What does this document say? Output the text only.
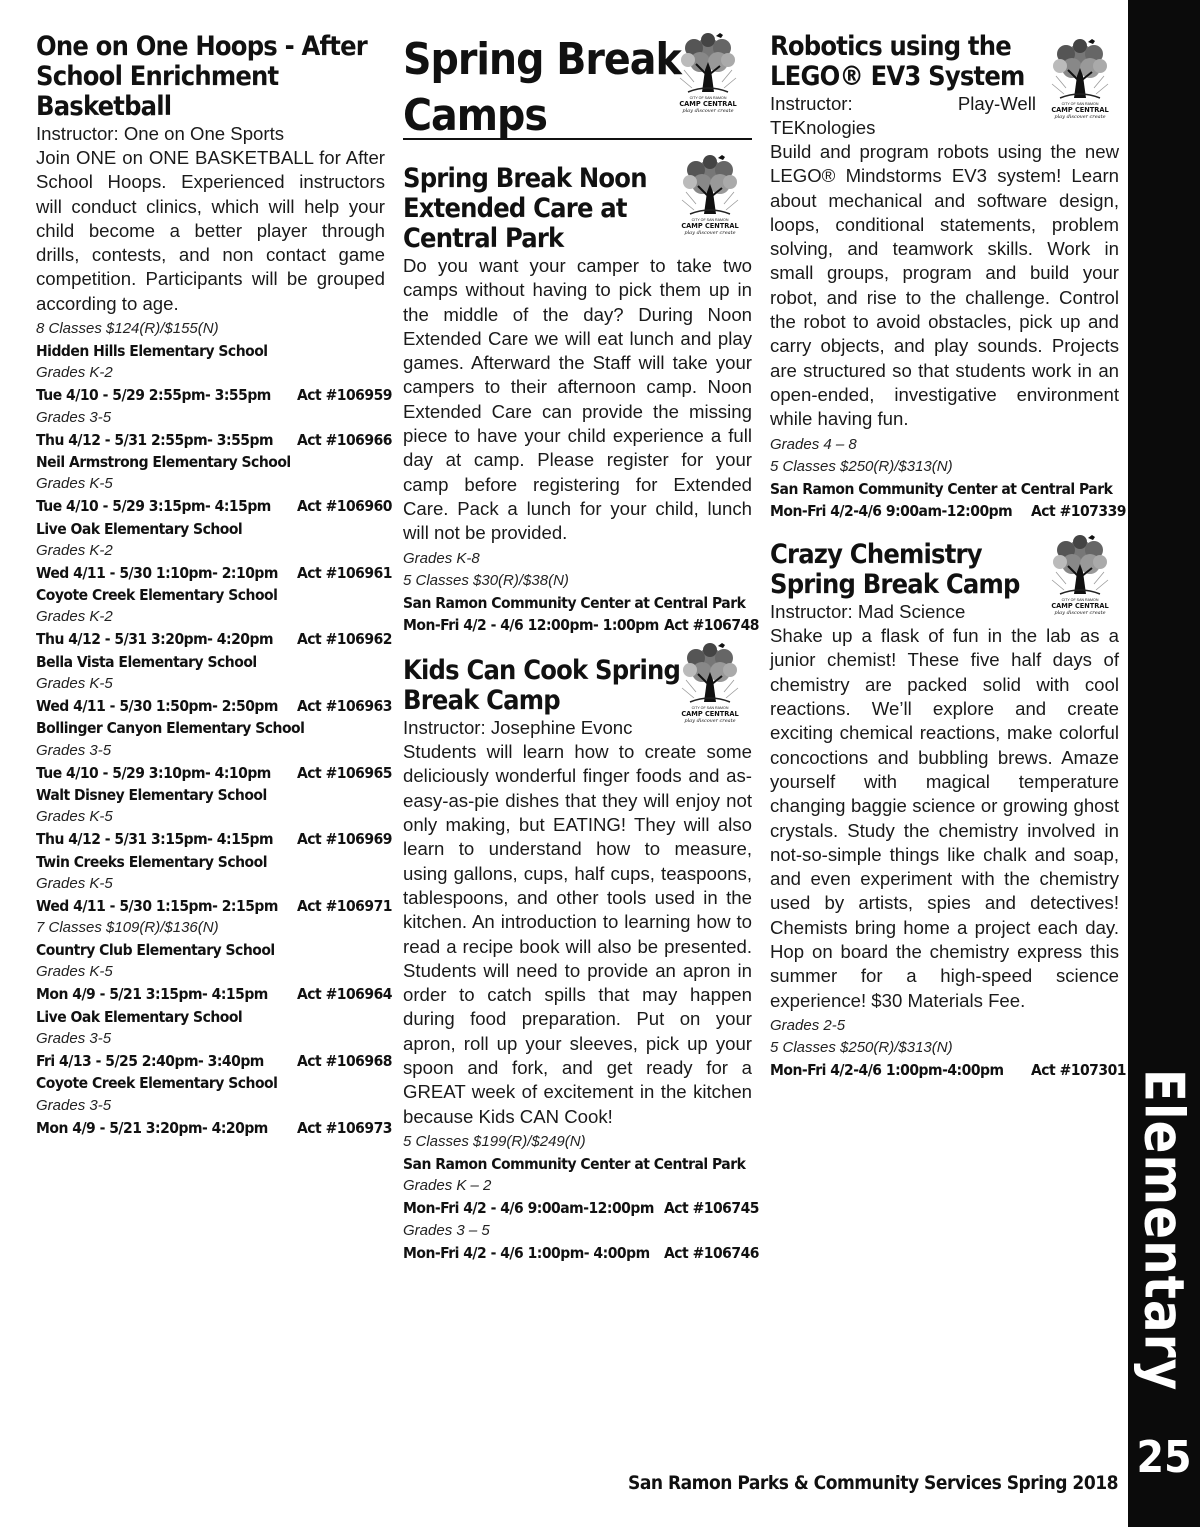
One on One Hoops - After
School Enrichment Basketball
Instructor: One on One Sports
Join ONE on ONE BASKETBALL for After School Hoops. Experienced instructors will conduct clinics, which will help your child become a better player through drills, contests, and non contact game competition. Participants will be grouped according to age.
8 Classes $124(R)/$155(N)
Hidden Hills Elementary School
Grades K-2
Tue 4/10 - 5/29 2:55pm- 3:55pm	Act #106959
Grades 3-5
Thu 4/12 - 5/31 2:55pm- 3:55pm	Act #106966
Neil Armstrong Elementary School
Grades K-5
Tue 4/10 - 5/29 3:15pm- 4:15pm	Act #106960
Live Oak Elementary School
Grades K-2
Wed 4/11 - 5/30 1:10pm- 2:10pm	Act #106961
Coyote Creek Elementary School
Grades K-2
Thu 4/12 - 5/31 3:20pm- 4:20pm	Act #106962
Bella Vista Elementary School
Grades K-5
Wed 4/11 - 5/30 1:50pm- 2:50pm	Act #106963
Bollinger Canyon Elementary School
Grades 3-5
Tue 4/10 - 5/29 3:10pm- 4:10pm	Act #106965
Walt Disney Elementary School
Grades K-5
Thu 4/12 - 5/31 3:15pm- 4:15pm	Act #106969
Twin Creeks Elementary School
Grades K-5
Wed 4/11 - 5/30 1:15pm- 2:15pm	Act #106971
7 Classes $109(R)/$136(N)
Country Club Elementary School
Grades K-5
Mon 4/9 - 5/21 3:15pm- 4:15pm	Act #106964
Live Oak Elementary School
Grades 3-5
Fri 4/13 - 5/25 2:40pm- 3:40pm	Act #106968
Coyote Creek Elementary School
Grades 3-5
Mon 4/9 - 5/21 3:20pm- 4:20pm	Act #106973
Spring Break
Camps
Spring Break Noon
Extended Care at
Central Park
Do you want your camper to take two camps without having to pick them up in the middle of the day? During Noon Extended Care we will eat lunch and play games. Afterward the Staff will take your campers to their afternoon camp. Noon Extended Care can provide the missing piece to have your child experience a full day at camp. Please register for your camp before registering for Extended Care. Pack a lunch for your child, lunch will not be provided.
Grades K-8
5 Classes $30(R)/$38(N)
San Ramon Community Center at Central Park
Mon-Fri 4/2 - 4/6 12:00pm- 1:00pm Act #106748
Kids Can Cook Spring
Break Camp
Instructor: Josephine Evonc
Students will learn how to create some deliciously wonderful finger foods and as-easy-as-pie dishes that they will enjoy not only making, but EATING! They will also learn to understand how to measure, using gallons, cups, half cups, teaspoons, tablespoons, and other tools used in the kitchen. An introduction to learning how to read a recipe book will also be presented. Students will need to provide an apron in order to catch spills that may happen during food preparation. Put on your apron, roll up your sleeves, pick up your spoon and fork, and get ready for a GREAT week of excitement in the kitchen because Kids CAN Cook!
5 Classes $199(R)/$249(N)
San Ramon Community Center at Central Park
Grades K – 2
Mon-Fri 4/2 - 4/6 9:00am-12:00pm Act #106745
Grades 3 – 5
Mon-Fri 4/2 - 4/6 1:00pm- 4:00pm Act #106746
Robotics using the
LEGO® EV3 System
Instructor:	Play-Well
TEKnologies
Build and program robots using the new LEGO® Mindstorms EV3 system! Learn about mechanical and software design, loops, conditional statements, problem solving, and teamwork skills. Work in small groups, program and build your robot, and rise to the challenge. Control the robot to avoid obstacles, pick up and carry objects, and play sounds. Projects are structured so that students work in an open-ended, investigative environment while having fun.
Grades 4 – 8
5 Classes $250(R)/$313(N)
San Ramon Community Center at Central Park
Mon-Fri 4/2-4/6 9:00am-12:00pm	Act #107339
Crazy Chemistry
Spring Break Camp
Instructor: Mad Science
Shake up a flask of fun in the lab as a junior chemist! These five half days of chemistry are packed solid with cool reactions. We’ll explore and create exciting chemical reactions, make colorful concoctions and bubbling brews. Amaze yourself with magical temperature changing baggie science or growing ghost crystals. Study the chemistry involved in not-so-simple things like chalk and soap, and even experiment with the chemistry used by artists, spies and detectives! Chemists bring home a project each day. Hop on board the chemistry express this summer for a high-speed science experience! $30 Materials Fee.
Grades 2-5
5 Classes $250(R)/$313(N)
Mon-Fri 4/2-4/6 1:00pm-4:00pm	Act #107301
CITY OF SAN RAMON
CAMP CENTRAL
play discover create
CITY OF SAN RAMON
CAMP CENTRAL
play discover create
CITY OF SAN RAMON
CAMP CENTRAL
play discover create
CITY OF SAN RAMON
CAMP CENTRAL
play discover create
CITY OF SAN RAMON
CAMP CENTRAL
play discover create
Elementary
25
San Ramon Parks & Community Services Spring 2018
